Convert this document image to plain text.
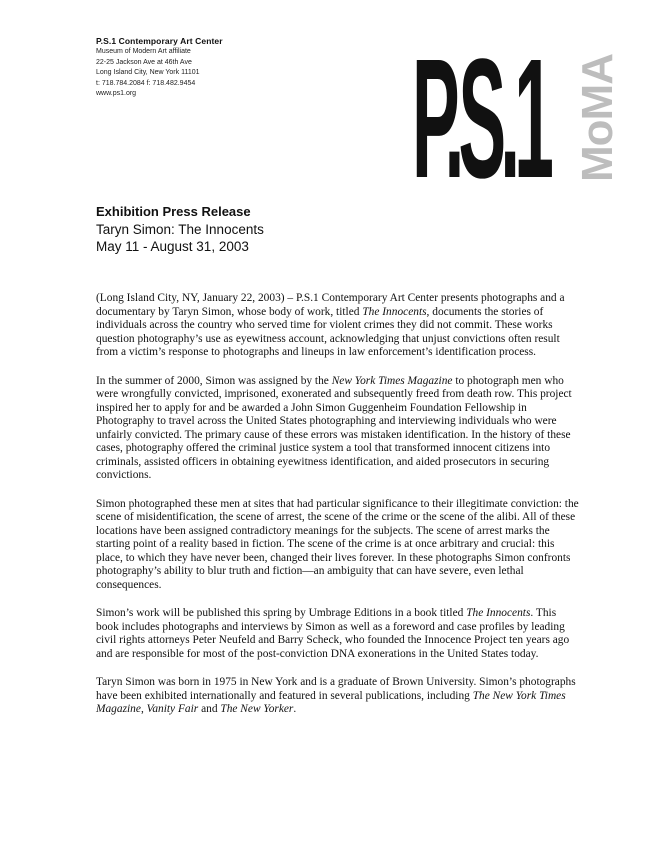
P.S.1 Contemporary Art Center
Museum of Modern Art affiliate
22-25 Jackson Ave at 46th Ave
Long Island City, New York 11101
t: 718.784.2084 f: 718.482.9454
www.ps1.org	P.S.1 MoMA
Exhibition Press Release
Taryn Simon: The Innocents
May 11 - August 31, 2003

(Long Island City, NY, January 22, 2003) – P.S.1 Contemporary Art Center presents photographs and a documentary by Taryn Simon, whose body of work, titled The Innocents, documents the stories of individuals across the country who served time for violent crimes they did not commit. These works question photography’s use as eyewitness account, acknowledging that unjust convictions often result from a victim’s response to photographs and lineups in law enforcement’s identification process.

In the summer of 2000, Simon was assigned by the New York Times Magazine to photograph men who were wrongfully convicted, imprisoned, exonerated and subsequently freed from death row. This project inspired her to apply for and be awarded a John Simon Guggenheim Foundation Fellowship in Photography to travel across the United States photographing and interviewing individuals who were unfairly convicted. The primary cause of these errors was mistaken identification. In the history of these cases, photography offered the criminal justice system a tool that transformed innocent citizens into criminals, assisted officers in obtaining eyewitness identification, and aided prosecutors in securing convictions.

Simon photographed these men at sites that had particular significance to their illegitimate conviction: the scene of misidentification, the scene of arrest, the scene of the crime or the scene of the alibi. All of these locations have been assigned contradictory meanings for the subjects. The scene of arrest marks the starting point of a reality based in fiction. The scene of the crime is at once arbitrary and crucial: this place, to which they have never been, changed their lives forever. In these photographs Simon confronts photography’s ability to blur truth and fiction—an ambiguity that can have severe, even lethal consequences.

Simon’s work will be published this spring by Umbrage Editions in a book titled The Innocents. This book includes photographs and interviews by Simon as well as a foreword and case profiles by leading civil rights attorneys Peter Neufeld and Barry Scheck, who founded the Innocence Project ten years ago and are responsible for most of the post-conviction DNA exonerations in the United States today.

Taryn Simon was born in 1975 in New York and is a graduate of Brown University. Simon’s photographs have been exhibited internationally and featured in several publications, including The New York Times Magazine, Vanity Fair and The New Yorker.
